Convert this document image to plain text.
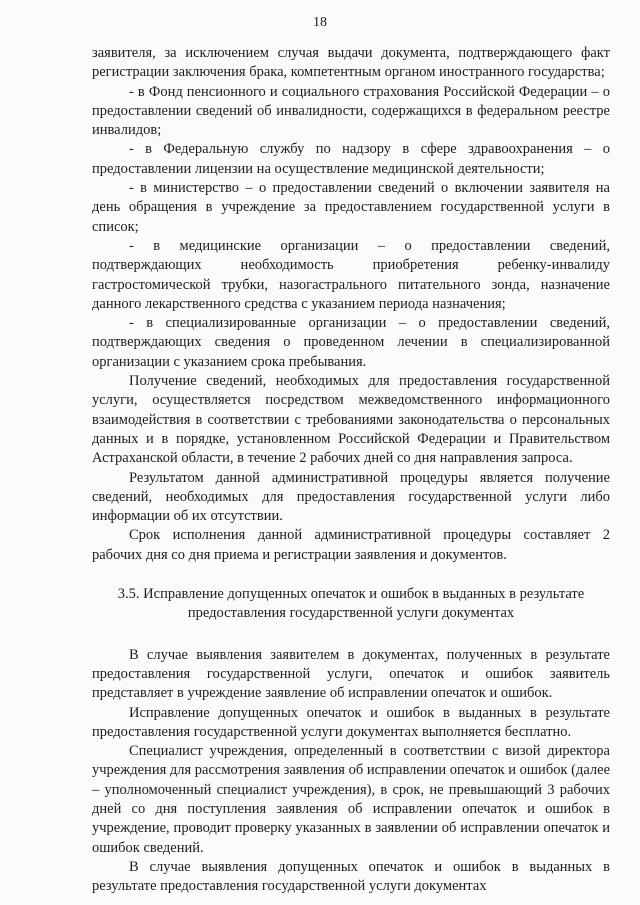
18

заявителя, за исключением случая выдачи документа, подтверждающего факт регистрации заключения брака, компетентным органом иностранного государства;

- в Фонд пенсионного и социального страхования Российской Федерации – о предоставлении сведений об инвалидности, содержащихся в федеральном реестре инвалидов;

- в Федеральную службу по надзору в сфере здравоохранения – о предоставлении лицензии на осуществление медицинской деятельности;

- в министерство – о предоставлении сведений о включении заявителя на день обращения в учреждение за предоставлением государственной услуги в список;

- в медицинские организации – о предоставлении сведений, подтверждающих необходимость приобретения ребенку-инвалиду гастростомической трубки, назогастрального питательного зонда, назначение данного лекарственного средства с указанием периода назначения;

- в специализированные организации – о предоставлении сведений, подтверждающих сведения о проведенном лечении в специализированной организации с указанием срока пребывания.

Получение сведений, необходимых для предоставления государственной услуги, осуществляется посредством межведомственного информационного взаимодействия в соответствии с требованиями законодательства о персональных данных и в порядке, установленном Российской Федерации и Правительством Астраханской области, в течение 2 рабочих дней со дня направления запроса.

Результатом данной административной процедуры является получение сведений, необходимых для предоставления государственной услуги либо информации об их отсутствии.

Срок исполнения данной административной процедуры составляет 2 рабочих дня со дня приема и регистрации заявления и документов.

3.5. Исправление допущенных опечаток и ошибок в выданных в результате предоставления государственной услуги документах

В случае выявления заявителем в документах, полученных в результате предоставления государственной услуги, опечаток и ошибок заявитель представляет в учреждение заявление об исправлении опечаток и ошибок.

Исправление допущенных опечаток и ошибок в выданных в результате предоставления государственной услуги документах выполняется бесплатно.

Специалист учреждения, определенный в соответствии с визой директора учреждения для рассмотрения заявления об исправлении опечаток и ошибок (далее – уполномоченный специалист учреждения), в срок, не превышающий 3 рабочих дней со дня поступления заявления об исправлении опечаток и ошибок в учреждение, проводит проверку указанных в заявлении об исправлении опечаток и ошибок сведений.

В случае выявления допущенных опечаток и ошибок в выданных в результате предоставления государственной услуги документах
